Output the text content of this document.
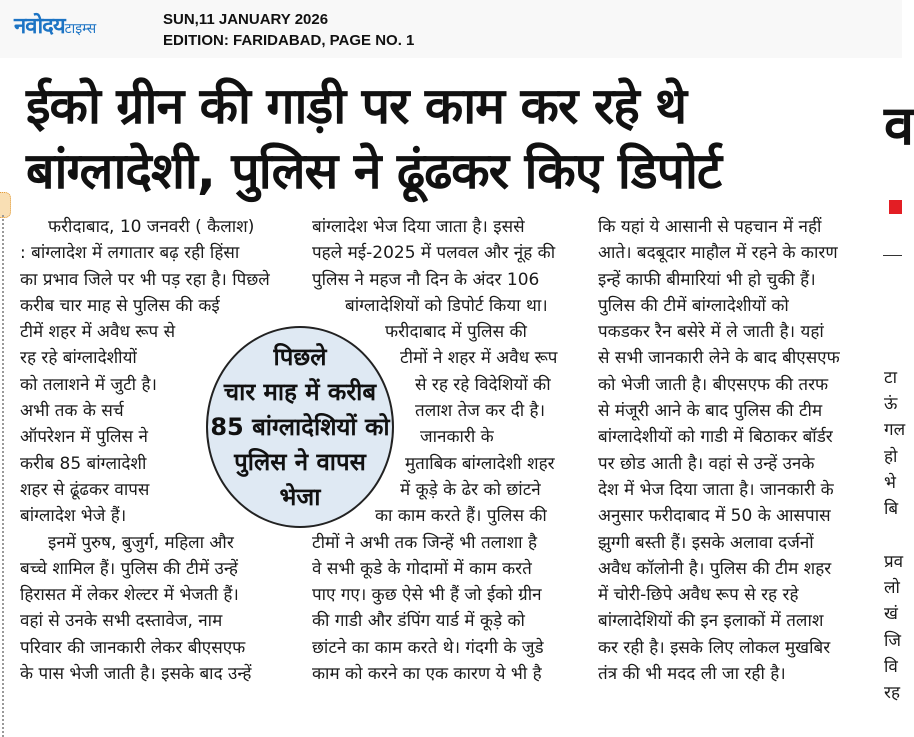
नवोदयटाइम्स
SUN,11 JANUARY 2026
EDITION: FARIDABAD, PAGE NO. 1
ईको ग्रीन की गाड़ी पर काम कर रहे थे
बांग्लादेशी, पुलिस ने ढूंढकर किए डिपोर्ट
फरीदाबाद, 10 जनवरी ( कैलाश)
: बांग्लादेश में लगातार बढ़ रही हिंसा
का प्रभाव जिले पर भी पड़ रहा है। पिछले
करीब चार माह से पुलिस की कई
टीमें शहर में अवैध रूप से
रह रहे बांग्लादेशीयों
को तलाशने में जुटी है।
अभी तक के सर्च
ऑपरेशन में पुलिस ने
करीब 85 बांग्लादेशी
शहर से ढूंढकर वापस
बांग्लादेश भेजे हैं।
इनमें पुरुष, बुजुर्ग, महिला और
बच्चे शामिल हैं। पुलिस की टीमें उन्हें
हिरासत में लेकर शेल्टर में भेजती हैं।
वहां से उनके सभी दस्तावेज, नाम
परिवार की जानकारी लेकर बीएसएफ
के पास भेजी जाती है। इसके बाद उन्हें
बांग्लादेश भेज दिया जाता है। इससे
पहले मई-2025 में पलवल और नूंह की
पुलिस ने महज नौ दिन के अंदर 106
बांग्लादेशियों को डिपोर्ट किया था।
फरीदाबाद में पुलिस की
टीमों ने शहर में अवैध रूप
से रह रहे विदेशियों की
तलाश तेज कर दी है।
जानकारी के
मुताबिक बांग्लादेशी शहर
में कूड़े के ढेर को छांटने
का काम करते हैं। पुलिस की
टीमों ने अभी तक जिन्हें भी तलाशा है
वे सभी कूडे के गोदामों में काम करते
पाए गए। कुछ ऐसे भी हैं जो ईको ग्रीन
की गाडी और डंपिंग यार्ड में कूड़े को
छांटने का काम करते थे। गंदगी के जुडे
काम को करने का एक कारण ये भी है
कि यहां ये आसानी से पहचान में नहीं
आते। बदबूदार माहौल में रहने के कारण
इन्हें काफी बीमारियां भी हो चुकी हैं।
पुलिस की टीमें बांग्लादेशीयों को
पकडकर रैन बसेरे में ले जाती है। यहां
से सभी जानकारी लेने के बाद बीएसएफ
को भेजी जाती है। बीएसएफ की तरफ
से मंजूरी आने के बाद पुलिस की टीम
बांग्लादेशीयों को गाडी में बिठाकर बॉर्डर
पर छोड आती है। वहां से उन्हें उनके
देश में भेज दिया जाता है। जानकारी के
अनुसार फरीदाबाद में 50 के आसपास
झुग्गी बस्ती हैं। इसके अलावा दर्जनों
अवैध कॉलोनी है। पुलिस की टीम शहर
में चोरी-छिपे अवैध रूप से रह रहे
बांग्लादेशियों की इन इलाकों में तलाश
कर रही है। इसके लिए लोकल मुखबिर
तंत्र की भी मदद ली जा रही है।
पिछले
चार माह में करीब
85 बांग्लादेशियों को
पुलिस ने वापस
भेजा
व
टा
ऊं
गल
हो
भे
बि
प्रव
लो
खं
जि
वि
रह
